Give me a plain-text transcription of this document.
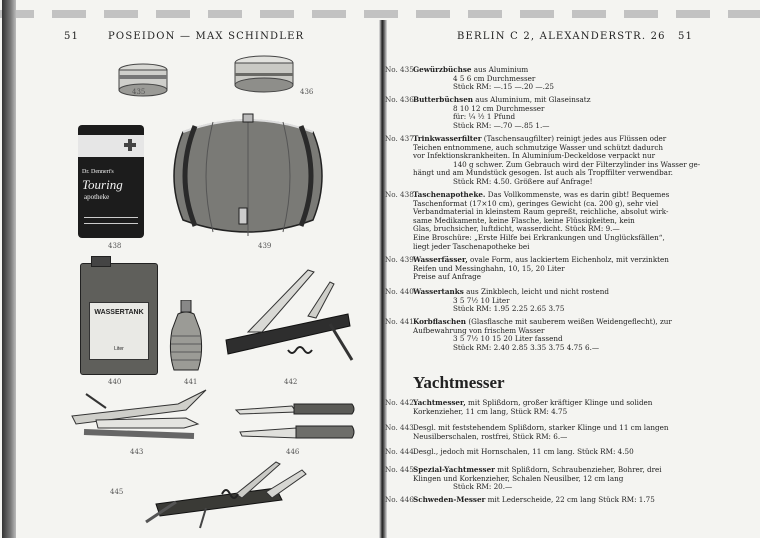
51	POSEIDON — MAX SCHINDLER	BERLIN C 2, ALEXANDERSTR. 26 51
435	436
Dr. Dennert's
Touring
apotheke
438	439
WASSERTANK
Liter
440	441	442
443	446
445
No. 435.
Gewürzbüchse aus Aluminium
4 5 6 cm Durchmesser
Stück RM: —.15 —.20 —.25
No. 436.
Butterbüchsen aus Aluminium, mit Glaseinsatz
8 10 12 cm Durchmesser
für: ¼ ½ 1 Pfund
Stück RM: —.70 —.85 1.—
No. 437.
Trinkwasserfilter (Taschensaugfilter) reinigt jedes aus Flüssen oder
Teichen entnommene, auch schmutzige Wasser und schützt dadurch
vor Infektionskrankheiten. In Aluminium-Deckeldose verpackt nur
140 g schwer. Zum Gebrauch wird der Filterzylinder ins Wasser ge-
hängt und am Mundstück gesogen. Ist auch als Tropffilter verwendbar.
Stück RM: 4.50. Größere auf Anfrage!
No. 438.
Taschenapotheke. Das Vollkommenste, was es darin gibt! Bequemes
Taschenformat (17×10 cm), geringes Gewicht (ca. 200 g), sehr viel
Verbandmaterial in kleinstem Raum gepreßt, reichliche, absolut wirk-
same Medikamente, keine Flasche, keine Flüssigkeiten, kein
Glas, bruchsicher, luftdicht, wasserdicht. Stück RM: 9.—
Eine Broschüre: „Erste Hilfe bei Erkrankungen und Unglücksfällen“,
liegt jeder Taschenapotheke bei
No. 439.
Wasserfässer, ovale Form, aus lackiertem Eichenholz, mit verzinkten
Reifen und Messinghahn, 10, 15, 20 Liter
Preise auf Anfrage
No. 440.
Wassertanks aus Zinkblech, leicht und nicht rostend
3 5 7½ 10 Liter
Stück RM: 1.95 2.25 2.65 3.75
No. 441.
Korbflaschen (Glasflasche mit sauberem weißen Weidengeflecht), zur
Aufbewahrung von frischem Wasser
3 5 7½ 10 15 20 Liter fassend
Stück RM: 2.40 2.85 3.35 3.75 4.75 6.—
Yachtmesser
No. 442.
Yachtmesser, mit Splißdorn, großer kräftiger Klinge und soliden
Korkenzieher, 11 cm lang, Stück RM: 4.75
No. 443.
Desgl. mit feststehendem Splißdorn, starker Klinge und 11 cm langen
Neusilberschalen, rostfrei, Stück RM: 6.—
No. 444.
Desgl., jedoch mit Hornschalen, 11 cm lang. Stück RM: 4.50
No. 445.
Spezial-Yachtmesser mit Splißdorn, Schraubenzieher, Bohrer, drei
Klingen und Korkenzieher, Schalen Neusilber, 12 cm lang
Stück RM: 20.—
No. 446.
Schweden-Messer mit Lederscheide, 22 cm lang Stück RM: 1.75
